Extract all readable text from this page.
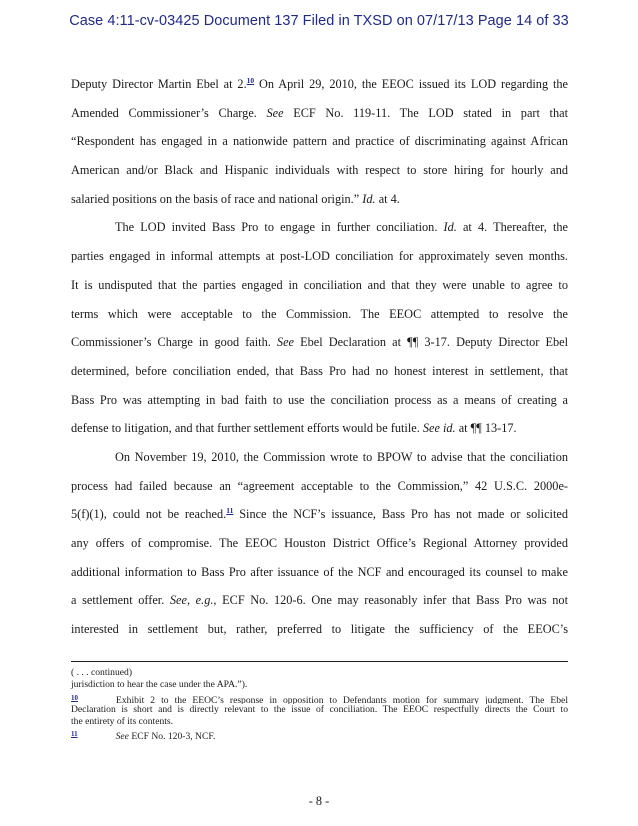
Case 4:11-cv-03425 Document 137 Filed in TXSD on 07/17/13 Page 14 of 33
Deputy Director Martin Ebel at 2.10 On April 29, 2010, the EEOC issued its LOD regarding the
Amended Commissioner’s Charge. See ECF No. 119-11. The LOD stated in part that
“Respondent has engaged in a nationwide pattern and practice of discriminating against African
American and/or Black and Hispanic individuals with respect to store hiring for hourly and
salaried positions on the basis of race and national origin.” Id. at 4.
The LOD invited Bass Pro to engage in further conciliation. Id. at 4. Thereafter, the
parties engaged in informal attempts at post-LOD conciliation for approximately seven months.
It is undisputed that the parties engaged in conciliation and that they were unable to agree to
terms which were acceptable to the Commission. The EEOC attempted to resolve the
Commissioner’s Charge in good faith. See Ebel Declaration at ¶¶ 3-17. Deputy Director Ebel
determined, before conciliation ended, that Bass Pro had no honest interest in settlement, that
Bass Pro was attempting in bad faith to use the conciliation process as a means of creating a
defense to litigation, and that further settlement efforts would be futile. See id. at ¶¶ 13-17.
On November 19, 2010, the Commission wrote to BPOW to advise that the conciliation
process had failed because an “agreement acceptable to the Commission,” 42 U.S.C. 2000e-
5(f)(1), could not be reached.$^{11}$ Since the NCF’s issuance, Bass Pro has not made or solicited
any offers of compromise. The EEOC Houston District Office’s Regional Attorney provided
additional information to Bass Pro after issuance of the NCF and encouraged its counsel to make
a settlement offer. See, e.g., ECF No. 120-6. One may reasonably infer that Bass Pro was not
interested in settlement but, rather, preferred to litigate the sufficiency of the EEOC’s
( . . . continued)
jurisdiction to hear the case under the APA.”).
$^{10}$	Exhibit 2 to the EEOC’s response in opposition to Defendants motion for summary judgment. The Ebel
Declaration is short and is directly relevant to the issue of conciliation. The EEOC respectfully directs the Court to
the entirety of its contents.
$^{11}$	See ECF No. 120-3, NCF.
- 8 -
